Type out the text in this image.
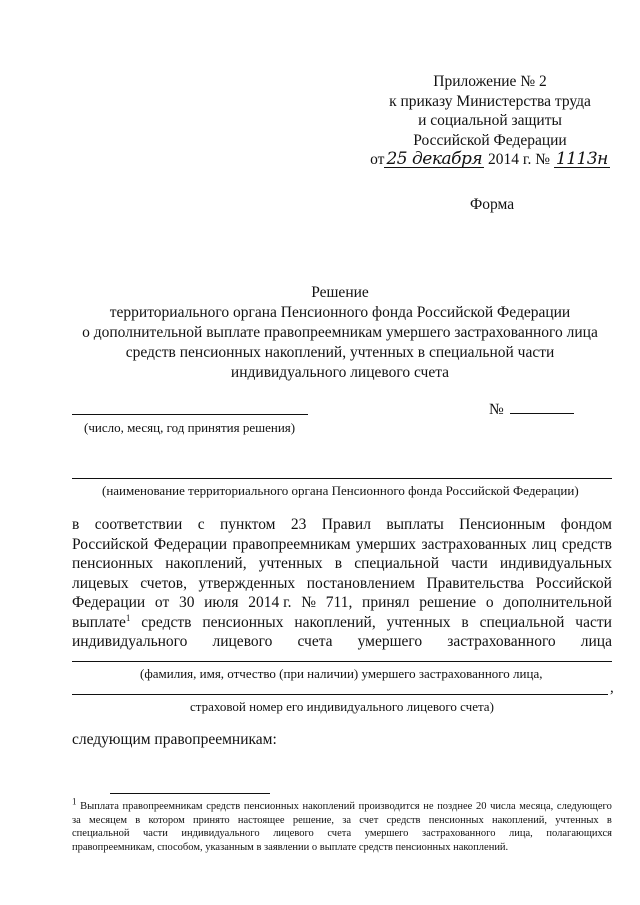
Приложение № 2
к приказу Министерства труда
и социальной защиты
Российской Федерации
от 25 декабря 2014 г. № 1113н
Форма
Решение
территориального органа Пенсионного фонда Российской Федерации
о дополнительной выплате правопреемникам умершего застрахованного лица
средств пенсионных накоплений, учтенных в специальной части
индивидуального лицевого счета
(число, месяц, год принятия решения)
№
(наименование территориального органа Пенсионного фонда Российской Федерации)
в соответствии с пунктом 23 Правил выплаты Пенсионным фондом
Российской Федерации правопреемникам умерших застрахованных лиц средств
пенсионных накоплений, учтенных в специальной части индивидуальных
лицевых счетов, утвержденных постановлением Правительства Российской
Федерации от 30 июля 2014 г. № 711, принял решение о дополнительной
выплате$^1$ средств пенсионных накоплений, учтенных в специальной части
индивидуального лицевого счета умершего застрахованного лица
(фамилия, имя, отчество (при наличии) умершего застрахованного лица,
,
страховой номер его индивидуального лицевого счета)
следующим правопреемникам:
$^1$ Выплата правопреемникам средств пенсионных накоплений производится не позднее 20 числа месяца, следующего
за месяцем в котором принято настоящее решение, за счет средств пенсионных накоплений, учтенных в
специальной части индивидуального лицевого счета умершего застрахованного лица, полагающихся
правопреемникам, способом, указанным в заявлении о выплате средств пенсионных накоплений.
